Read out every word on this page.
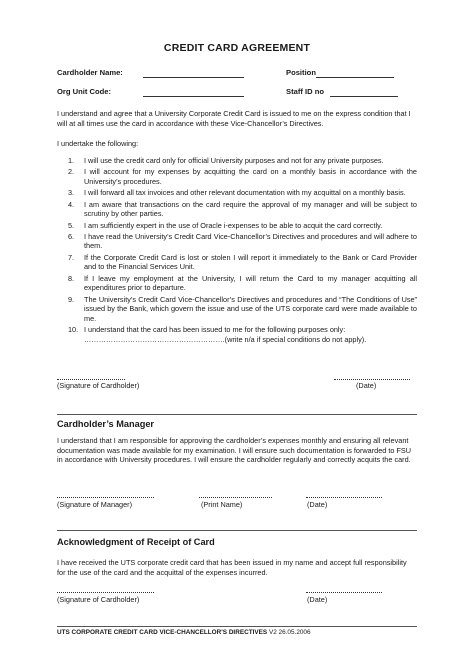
CREDIT CARD AGREEMENT
Cardholder Name:	Position
Org Unit Code:	Staff ID no
I understand and agree that a University Corporate Credit Card is issued to me on the express condition that I will at all times use the card in accordance with these Vice-Chancellor’s Directives.
I undertake the following:
1. I will use the credit card only for official University purposes and not for any private purposes.
2. I will account for my expenses by acquitting the card on a monthly basis in accordance with the University’s procedures.
3. I will forward all tax invoices and other relevant documentation with my acquittal on a monthly basis.
4. I am aware that transactions on the card require the approval of my manager and will be subject to scrutiny by other parties.
5. I am sufficiently expert in the use of Oracle i-expenses to be able to acquit the card correctly.
6. I have read the University’s Credit Card Vice-Chancellor’s Directives and procedures and will adhere to them.
7. If the Corporate Credit Card is lost or stolen I will report it immediately to the Bank or Card Provider and to the Financial Services Unit.
8. If I leave my employment at the University, I will return the Card to my manager acquitting all expenditures prior to departure.
9. The University’s Credit Card Vice-Chancellor’s Directives and procedures and “The Conditions of Use” issued by the Bank, which govern the issue and use of the UTS corporate card were made available to me.
10. I understand that the card has been issued to me for the following purposes only:
………………………………………………….(write n/a if special conditions do not apply).
(Signature of Cardholder)	(Date)
Cardholder’s Manager
I understand that I am responsible for approving the cardholder’s expenses monthly and ensuring all relevant documentation was made available for my examination. I will ensure such documentation is forwarded to FSU in accordance with University procedures. I will ensure the cardholder regularly and correctly acquits the card.
(Signature of Manager)	(Print Name)	(Date)
Acknowledgment of Receipt of Card
I have received the UTS corporate credit card that has been issued in my name and accept full responsibility for the use of the card and the acquittal of the expenses incurred.
(Signature of Cardholder)	(Date)
UTS CORPORATE CREDIT CARD VICE-CHANCELLOR'S DIRECTIVES V2 26.05.2006
